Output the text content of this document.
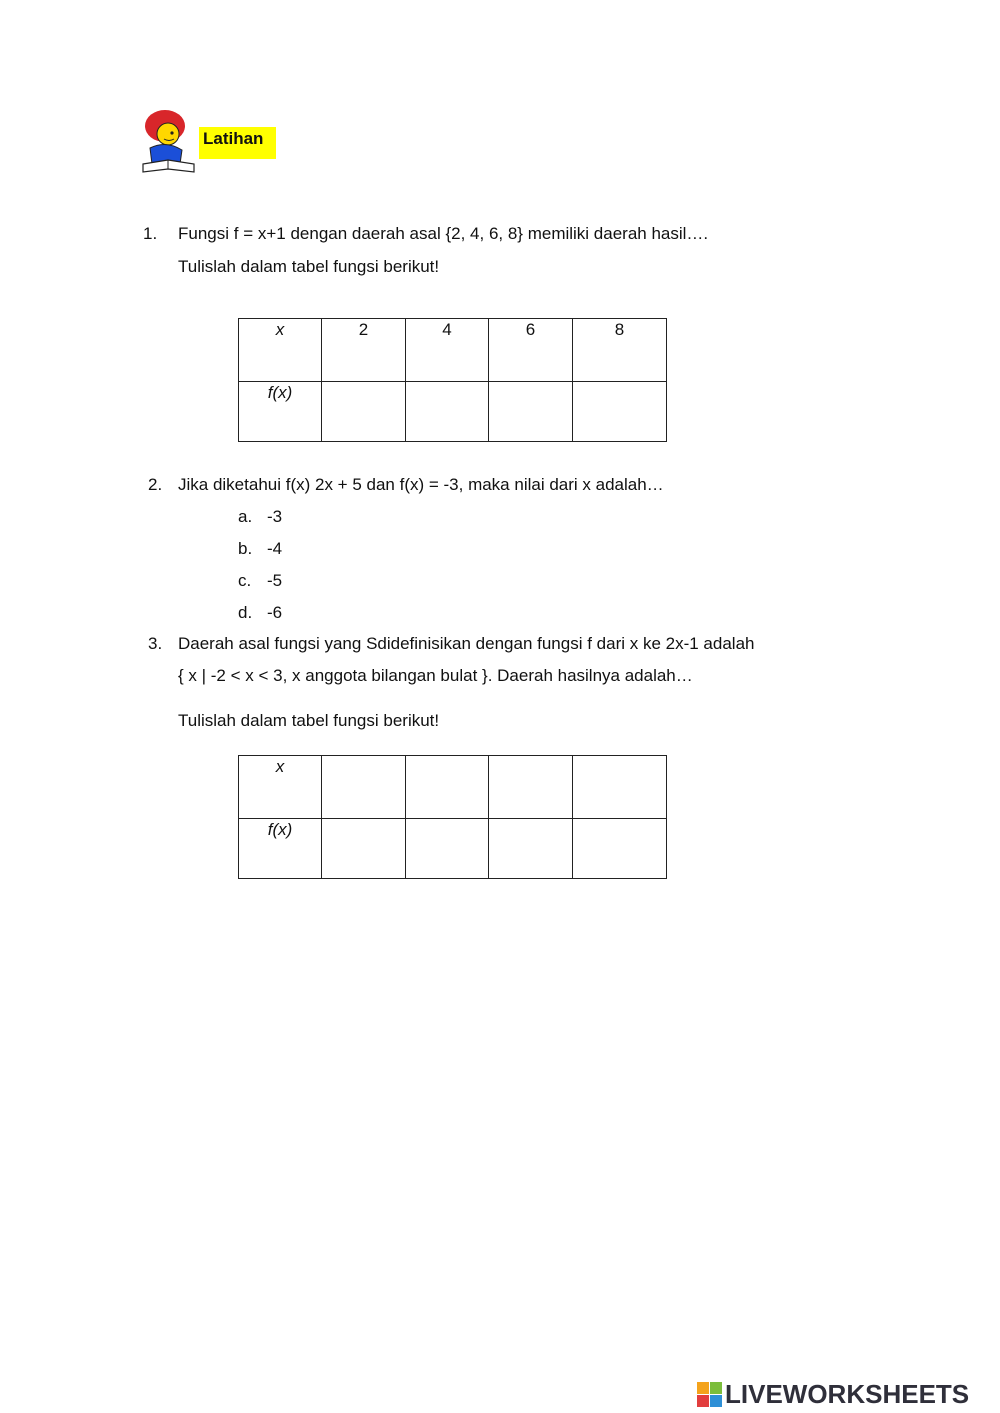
Latihan
1. Fungsi f = x+1 dengan daerah asal {2, 4, 6, 8} memiliki daerah hasil….
Tulislah dalam tabel fungsi berikut!
x	2	4	6	8
f(x)				
2. Jika diketahui f(x) 2x + 5 dan f(x) = -3, maka nilai dari x adalah…
a. -3
b. -4
c. -5
d. -6
3. Daerah asal fungsi yang Sdidefinisikan dengan fungsi f dari x ke 2x-1 adalah
{ x | -2 < x < 3, x anggota bilangan bulat }. Daerah hasilnya adalah…
Tulislah dalam tabel fungsi berikut!
x				
f(x)				
LIVEWORKSHEETS
